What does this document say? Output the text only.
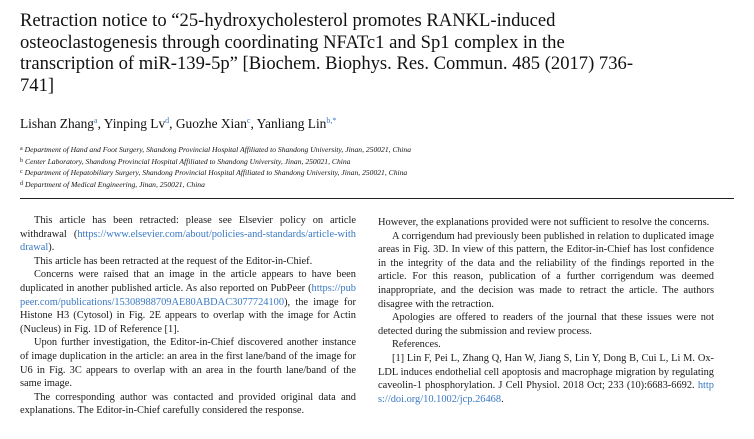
Retraction notice to “25-hydroxycholesterol promotes RANKL-induced osteoclastogenesis through coordinating NFATc1 and Sp1 complex in the transcription of miR-139-5p” [Biochem. Biophys. Res. Commun. 485 (2017) 736-741]
Lishan Zhang$^a$, Yinping Lv$^d$, Guozhe Xian$^c$, Yanliang Lin$^{b,*}$
$^a$ Department of Hand and Foot Surgery, Shandong Provincial Hospital Affiliated to Shandong University, Jinan, 250021, China
$^b$ Center Laboratory, Shandong Provincial Hospital Affiliated to Shandong University, Jinan, 250021, China
$^c$ Department of Hepatobiliary Surgery, Shandong Provincial Hospital Affiliated to Shandong University, Jinan, 250021, China
$^d$ Department of Medical Engineering, Jinan, 250021, China

This article has been retracted: please see Elsevier policy on article withdrawal (https://www.elsevier.com/about/policies-and-standards/article-withdrawal).

This article has been retracted at the request of the Editor-in-Chief.

Concerns were raised that an image in the article appears to have been duplicated in another published article. As also reported on PubPeer (https://pubpeer.com/publications/15308988709AE80ABDAC3077724100), the image for Histone H3 (Cytosol) in Fig. 2E appears to overlap with the image for Actin (Nucleus) in Fig. 1D of Reference [1].

Upon further investigation, the Editor-in-Chief discovered another instance of image duplication in the article: an area in the first lane/band of the image for U6 in Fig. 3C appears to overlap with an area in the fourth lane/band of the same image.

The corresponding author was contacted and provided original data and explanations. The Editor-in-Chief carefully considered the response.

However, the explanations provided were not sufficient to resolve the concerns.

A corrigendum had previously been published in relation to duplicated image areas in Fig. 3D. In view of this pattern, the Editor-in-Chief has lost confidence in the integrity of the data and the reliability of the findings reported in the article. For this reason, publication of a further corrigendum was deemed inappropriate, and the decision was made to retract the article. The authors disagree with the retraction.

Apologies are offered to readers of the journal that these issues were not detected during the submission and review process.

References.

[1] Lin F, Pei L, Zhang Q, Han W, Jiang S, Lin Y, Dong B, Cui L, Li M. Ox-LDL induces endothelial cell apoptosis and macrophage migration by regulating caveolin-1 phosphorylation. J Cell Physiol. 2018 Oct; 233 (10):6683-6692. https://doi.org/10.1002/jcp.26468.
